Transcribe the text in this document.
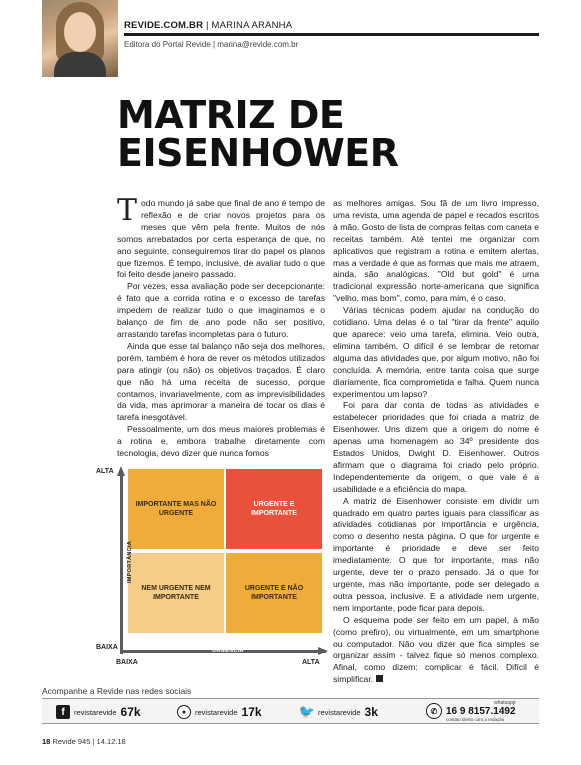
REVIDE.COM.BR | MARINA ARANHA
Editora do Portal Revide | marina@revide.com.br
MATRIZ DE EISENHOWER

Todo mundo já sabe que final de ano é tempo de reflexão e de criar novos projetos para os meses que vêm pela frente. Muitos de nós somos arrebatados por certa esperança de que, no ano seguinte, conseguiremos tirar do papel os planos que fizemos. É tempo, inclusive, de avaliar tudo o que foi feito desde janeiro passado.

Por vezes, essa avaliação pode ser decepcionante: é fato que a corrida rotina e o excesso de tarefas impedem de realizar tudo o que imaginamos e o balanço de fim de ano pode não ser positivo, arrastando tarefas incompletas para o futuro.

Ainda que esse tal balanço não seja dos melhores, porém, também é hora de rever os métodos utilizados para atingir (ou não) os objetivos traçados. É claro que não há uma receita de sucesso, porque contamos, invariavelmente, com as imprevisibilidades da vida, mas aprimorar a maneira de tocar os dias é tarefa inesgotável.

Pessoalmente, um dos meus maiores problemas é a rotina e, embora trabalhe diretamente com tecnologia, devo dizer que nunca fomos

as melhores amigas. Sou fã de um livro impresso, uma revista, uma agenda de papel e recados escritos à mão. Gosto de lista de compras feitas com caneta e receitas também. Até tentei me organizar com aplicativos que registram a rotina e emitem alertas, mas a verdade é que as formas que mais me atraem, ainda, são analógicas. "Old but gold" é uma tradicional expressão norte-americana que significa "velho, mas bom", como, para mim, é o caso.

Várias técnicas podem ajudar na condução do cotidiano. Uma delas é o tal "tirar da frente" aquilo que aparece: veio uma tarefa, elimina. Veio outra, elimina também. O difícil é se lembrar de retomar alguma das atividades que, por algum motivo, não foi concluída. A memória, entre tanta coisa que surge diariamente, fica comprometida e falha. Quem nunca experimentou um lapso?

Foi para dar conta de todas as atividades e estabelecer prioridades que foi criada a matriz de Eisenhower. Uns dizem que a origem do nome é apenas uma homenagem ao 34º presidente dos Estados Unidos, Dwight D. Eisenhower. Outros afirmam que o diagrama foi criado pelo próprio. Independentemente da origem, o que vale é a usabilidade e a eficiência do mapa.

A matriz de Eisenhower consiste em dividir um quadrado em quatro partes iguais para classificar as atividades cotidianas por importância e urgência, como o desenho nesta página. O que for urgente e importante é prioridade e deve ser feito imediatamente. O que for importante, mas não urgente, deve ter o prazo pensado. Já o que for urgente, mas não importante, pode ser delegado a outra pessoa, inclusive. E a atividade nem urgente, nem importante, pode ficar para depois.

O esquema pode ser feito em um papel, à mão (como prefiro), ou virtualmente, em um smartphone ou computador. Não vou dizer que fica simples se organizar assim - talvez fique só menos complexo. Afinal, como dizem: complicar é fácil. Difícil é simplificar.

ALTA
BAIXA
BAIXA	ALTA
IMPORTANTE MAS NÃO URGENTE
URGENTE E IMPORTANTE
NEM URGENTE NEM IMPORTANTE
URGENTE E NÃO IMPORTANTE
IMPORTÂNCIA
URGÊNCIA
Acompanhe a Revide nas redes sociais
f	revistarevide 67k	●	revistarevide 17k	🐦 revistarevide 3k	✆
whatsapp
16 9 8157.1492
contato direto com a redação
18 Revide 945 | 14.12.18
